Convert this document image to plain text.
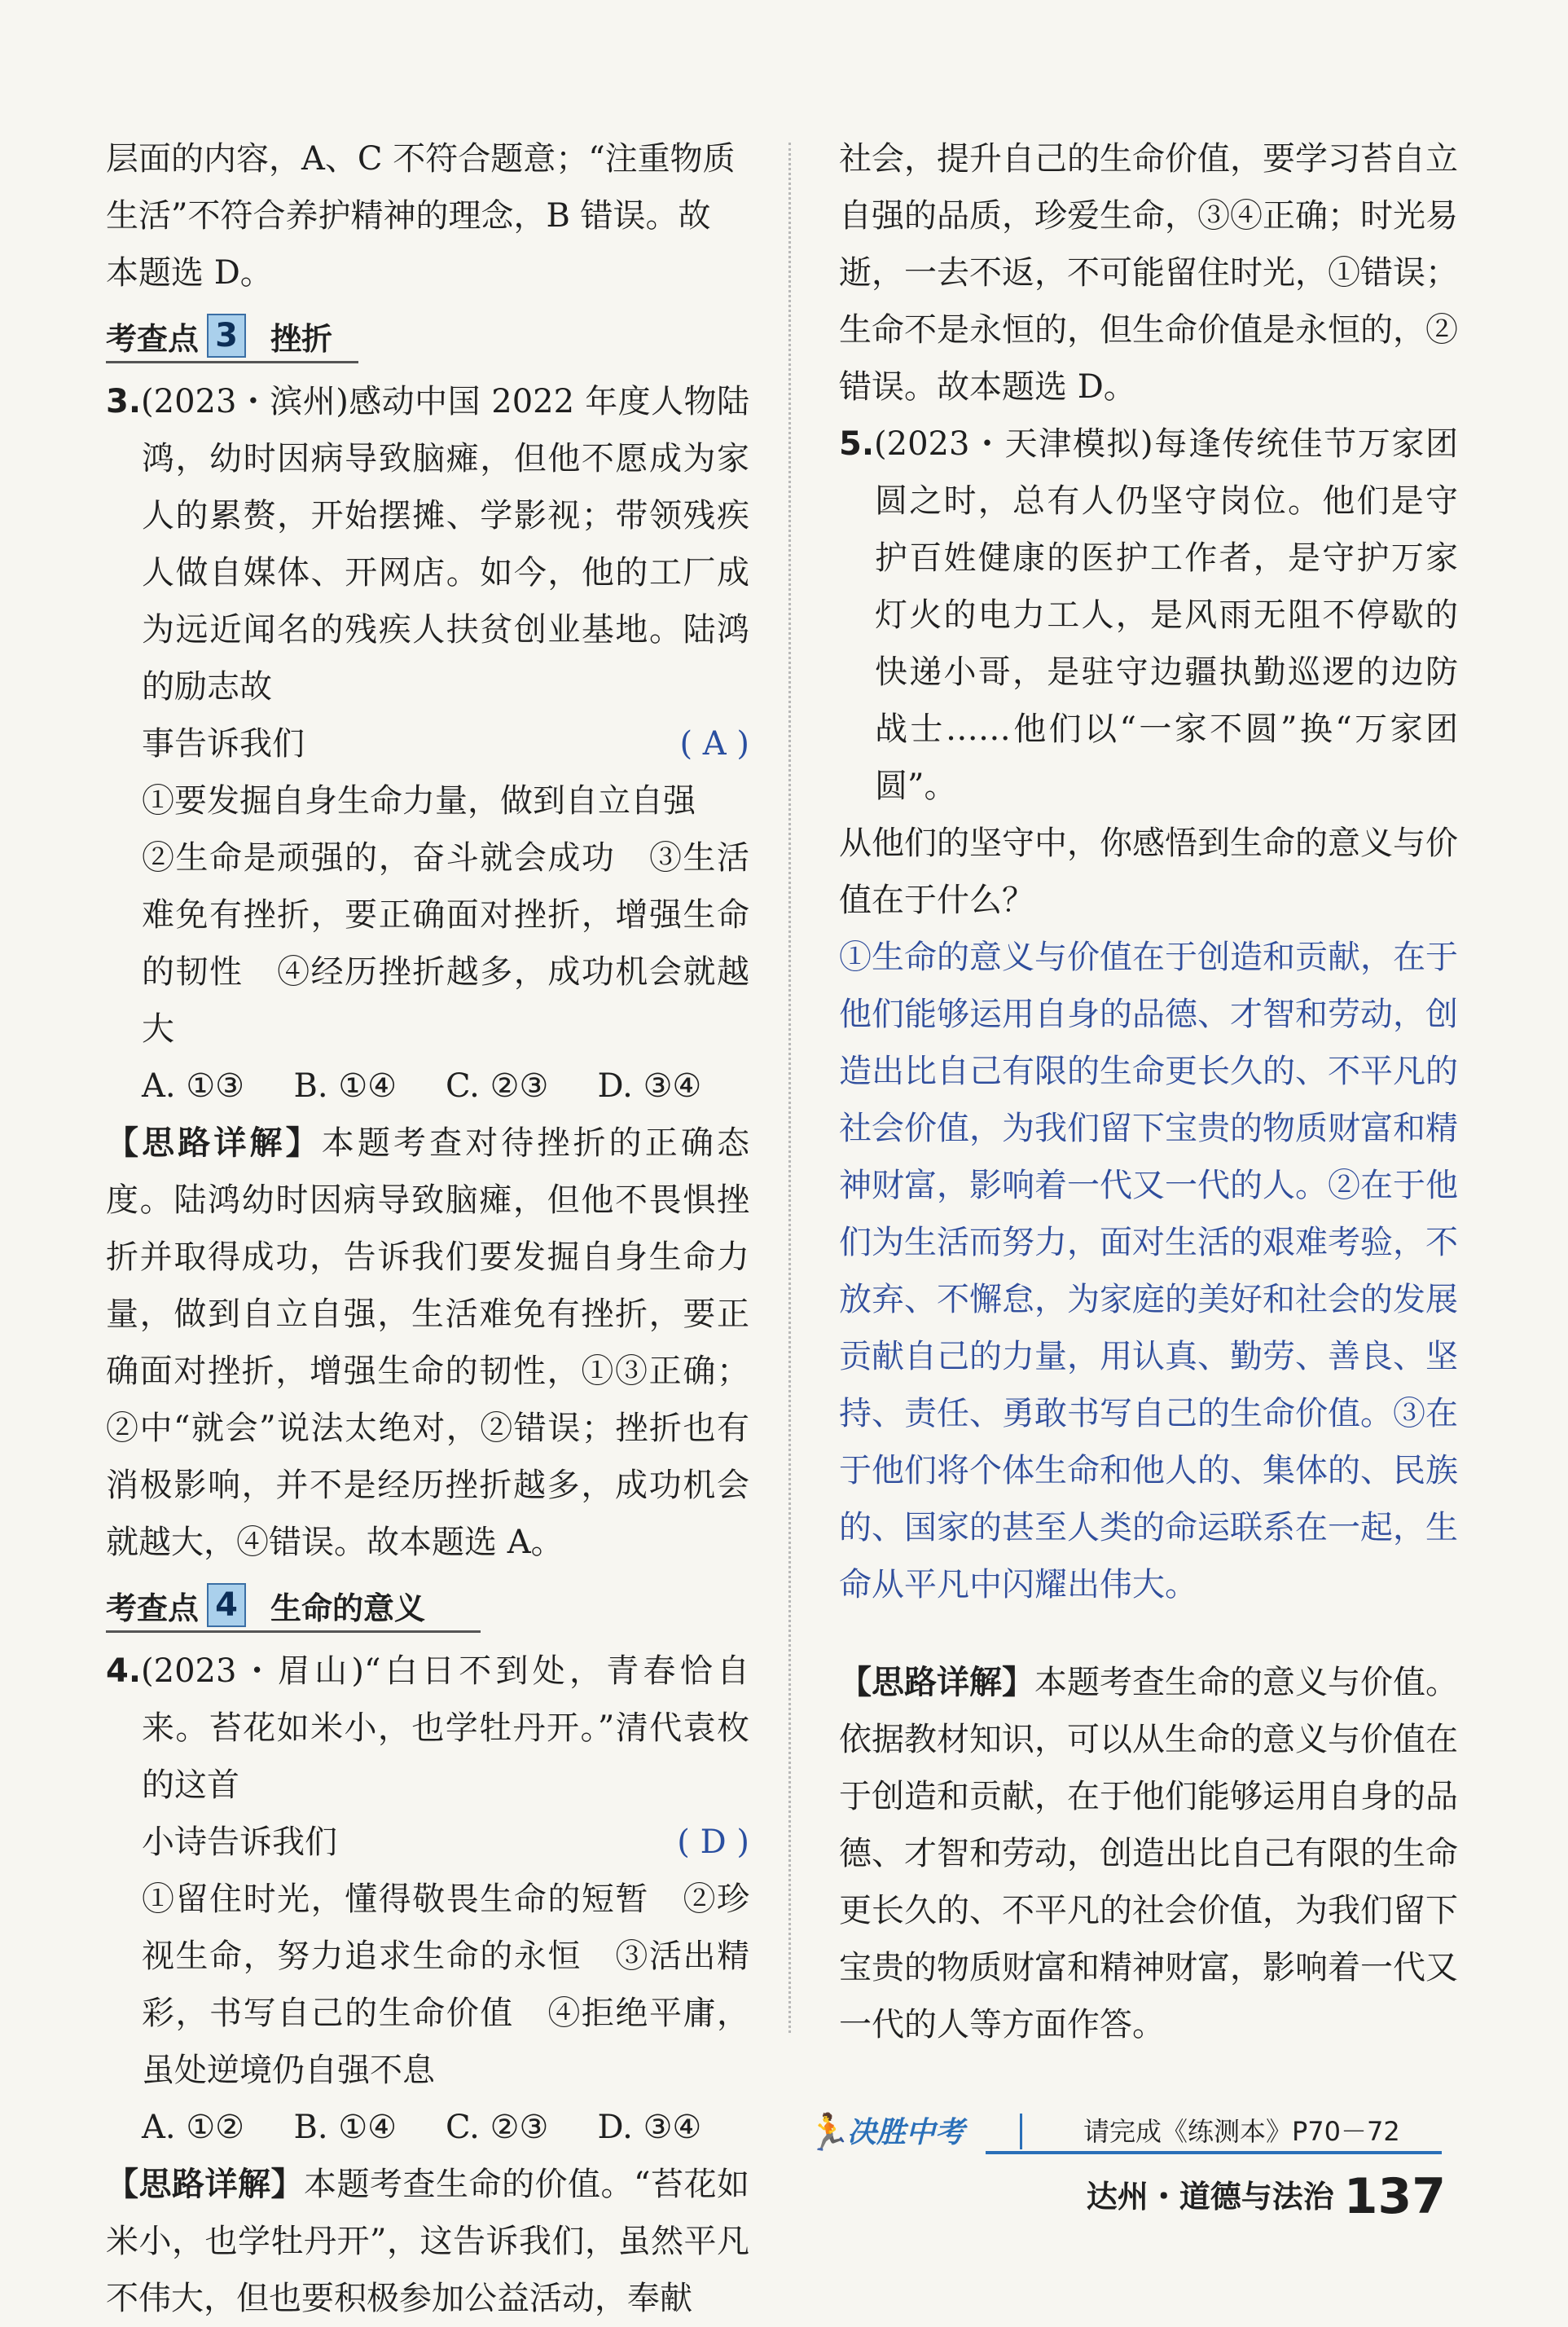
层面的内容，A、C 不符合题意；“注重物质

生活”不符合养护精神的理念，B 错误。故

本题选 D。

考查点 3 挫折

3.(2023・滨州)感动中国 2022 年度人物陆鸿，幼时因病导致脑瘫，但他不愿成为家人的累赘，开始摆摊、学影视；带领残疾人做自媒体、开网店。如今，他的工厂成为远近闻名的残疾人扶贫创业基地。陆鸿的励志故

事告诉我们	( A )

①要发掘自身生命力量，做到自立自强

②生命是顽强的，奋斗就会成功　③生活难免有挫折，要正确面对挫折，增强生命的韧性　④经历挫折越多，成功机会就越大

A. ①③	B. ①④	C. ②③	D. ③④

【思路详解】本题考查对待挫折的正确态度。陆鸿幼时因病导致脑瘫，但他不畏惧挫折并取得成功，告诉我们要发掘自身生命力量，做到自立自强，生活难免有挫折，要正确面对挫折，增强生命的韧性，①③正确；②中“就会”说法太绝对，②错误；挫折也有消极影响，并不是经历挫折越多，成功机会就越大，④错误。故本题选 A。

考查点 4 生命的意义

4.(2023・眉山)“白日不到处，青春恰自来。苔花如米小，也学牡丹开。”清代袁枚的这首

小诗告诉我们	( D )

①留住时光，懂得敬畏生命的短暂　②珍视生命，努力追求生命的永恒　③活出精彩，书写自己的生命价值　④拒绝平庸，虽处逆境仍自强不息

A. ①②	B. ①④	C. ②③	D. ③④

【思路详解】本题考查生命的价值。“苔花如米小，也学牡丹开”，这告诉我们，虽然平凡不伟大，但也要积极参加公益活动，奉献

社会，提升自己的生命价值，要学习苔自立自强的品质，珍爱生命，③④正确；时光易逝，一去不返，不可能留住时光，①错误；生命不是永恒的，但生命价值是永恒的，②错误。故本题选 D。

5.(2023・天津模拟)每逢传统佳节万家团圆之时，总有人仍坚守岗位。他们是守护百姓健康的医护工作者，是守护万家灯火的电力工人，是风雨无阻不停歇的快递小哥，是驻守边疆执勤巡逻的边防战士……他们以“一家不圆”换“万家团圆”。

从他们的坚守中，你感悟到生命的意义与价值在于什么？

①生命的意义与价值在于创造和贡献，在于他们能够运用自身的品德、才智和劳动，创造出比自己有限的生命更长久的、不平凡的社会价值，为我们留下宝贵的物质财富和精神财富，影响着一代又一代的人。②在于他们为生活而努力，面对生活的艰难考验，不放弃、不懈怠，为家庭的美好和社会的发展贡献自己的力量，用认真、勤劳、善良、坚持、责任、勇敢书写自己的生命价值。③在于他们将个体生命和他人的、集体的、民族的、国家的甚至人类的命运联系在一起，生命从平凡中闪耀出伟大。

【思路详解】本题考查生命的意义与价值。依据教材知识，可以从生命的意义与价值在于创造和贡献，在于他们能够运用自身的品德、才智和劳动，创造出比自己有限的生命更长久的、不平凡的社会价值，为我们留下宝贵的物质财富和精神财富，影响着一代又一代的人等方面作答。

🏃
决胜中考	请完成《练测本》P70－72
达州・道德与法治 137
